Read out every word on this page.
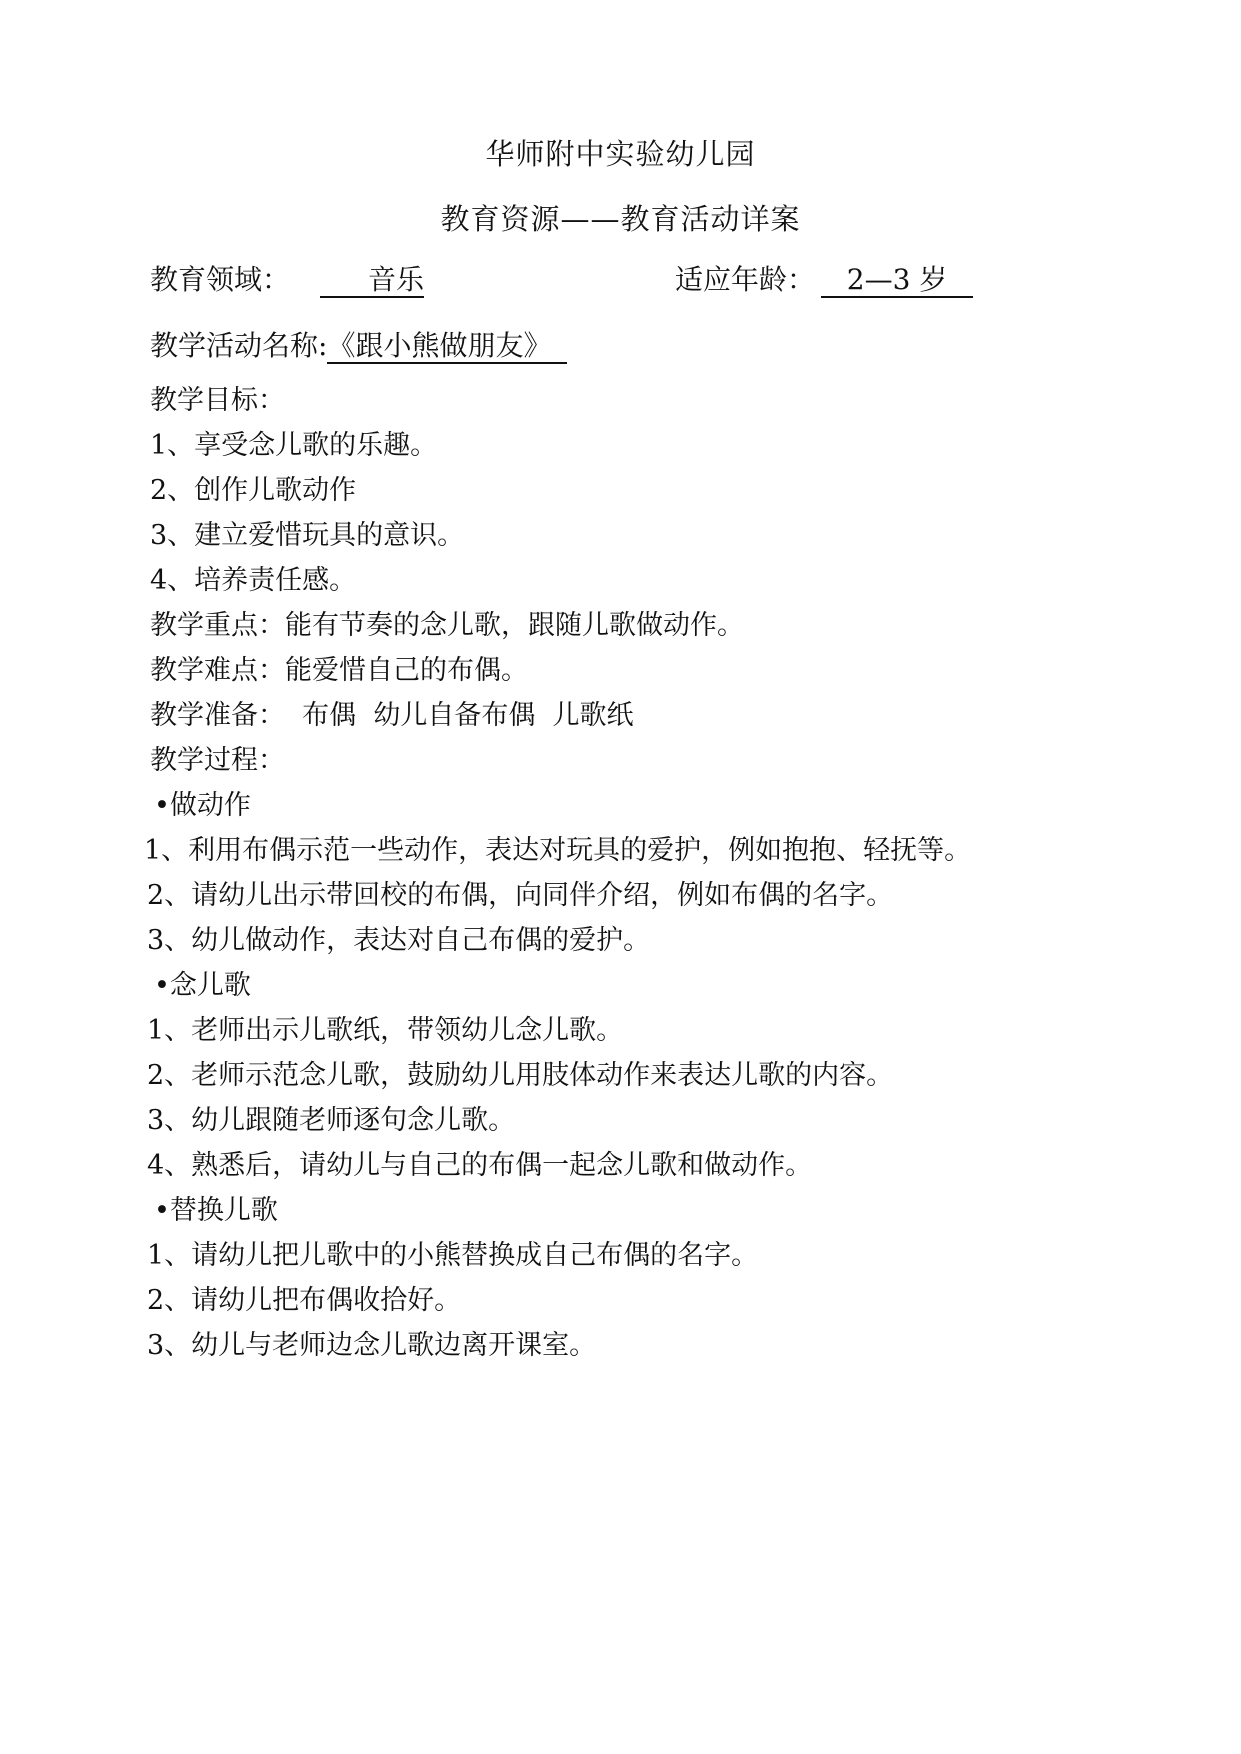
华师附中实验幼儿园
教育资源——教育活动详案
教育领域：	音乐	适应年龄： 2—3 岁
教学活动名称:《跟小熊做朋友》
教学目标：
1、享受念儿歌的乐趣。
2、创作儿歌动作
3、建立爱惜玩具的意识。
4、培养责任感。
教学重点：能有节奏的念儿歌，跟随儿歌做动作。
教学难点：能爱惜自己的布偶。
教学准备：  布偶  幼儿自备布偶  儿歌纸
教学过程：
•做动作
1、利用布偶示范一些动作，表达对玩具的爱护，例如抱抱、轻抚等。
2、请幼儿出示带回校的布偶，向同伴介绍，例如布偶的名字。
3、幼儿做动作，表达对自己布偶的爱护。
•念儿歌
1、老师出示儿歌纸，带领幼儿念儿歌。
2、老师示范念儿歌，鼓励幼儿用肢体动作来表达儿歌的内容。
3、幼儿跟随老师逐句念儿歌。
4、熟悉后，请幼儿与自己的布偶一起念儿歌和做动作。
•替换儿歌
1、请幼儿把儿歌中的小熊替换成自己布偶的名字。
2、请幼儿把布偶收拾好。
3、幼儿与老师边念儿歌边离开课室。
